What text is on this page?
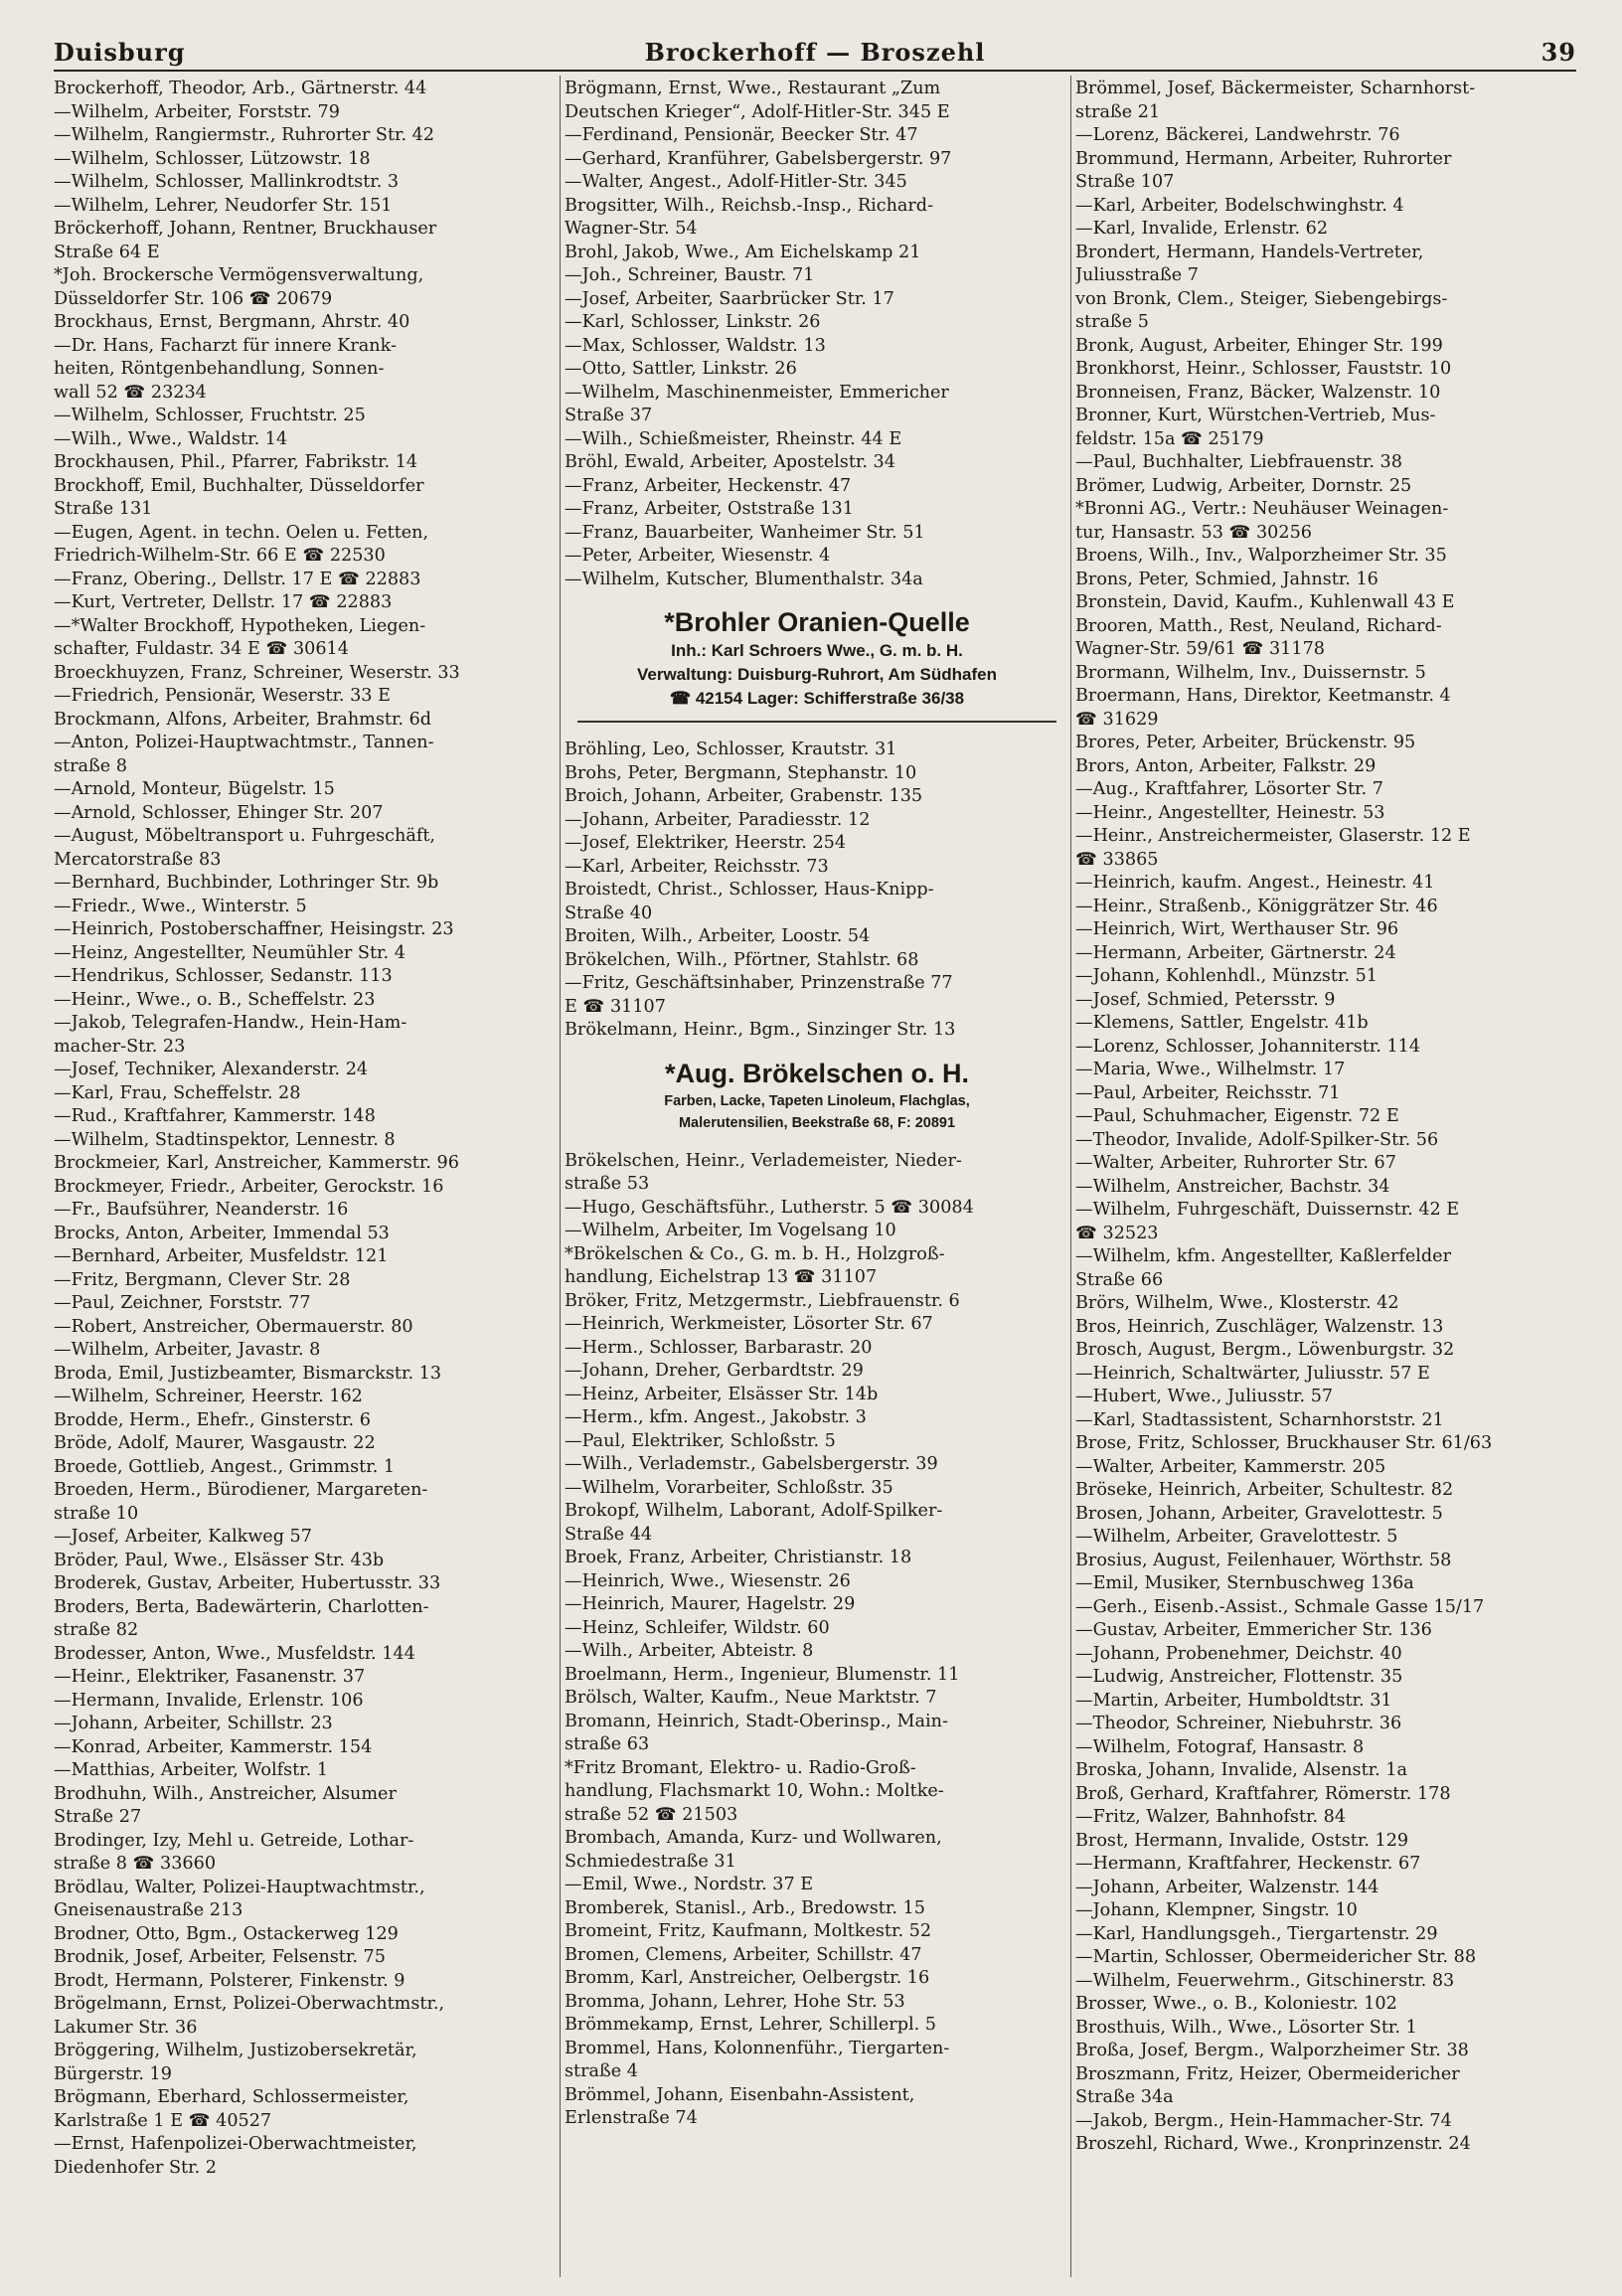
Duisburg	Brockerhoff — Broszehl	39
Brockerhoff, Theodor, Arb., Gärtnerstr. 44
—Wilhelm, Arbeiter, Forststr. 79
—Wilhelm, Rangiermstr., Ruhrorter Str. 42
—Wilhelm, Schlosser, Lützowstr. 18
—Wilhelm, Schlosser, Mallinkrodtstr. 3
—Wilhelm, Lehrer, Neudorfer Str. 151
Bröckerhoff, Johann, Rentner, Bruckhauser
Straße 64 E
*Joh. Brockersche Vermögensverwaltung,
Düsseldorfer Str. 106 ☎ 20679
Brockhaus, Ernst, Bergmann, Ahrstr. 40
—Dr. Hans, Facharzt für innere Krank-
heiten, Röntgenbehandlung, Sonnen-
wall 52 ☎ 23234
—Wilhelm, Schlosser, Fruchtstr. 25
—Wilh., Wwe., Waldstr. 14
Brockhausen, Phil., Pfarrer, Fabrikstr. 14
Brockhoff, Emil, Buchhalter, Düsseldorfer
Straße 131
—Eugen, Agent. in techn. Oelen u. Fetten,
Friedrich-Wilhelm-Str. 66 E ☎ 22530
—Franz, Obering., Dellstr. 17 E ☎ 22883
—Kurt, Vertreter, Dellstr. 17 ☎ 22883
—*Walter Brockhoff, Hypotheken, Liegen-
schafter, Fuldastr. 34 E ☎ 30614
Broeckhuyzen, Franz, Schreiner, Weserstr. 33
—Friedrich, Pensionär, Weserstr. 33 E
Brockmann, Alfons, Arbeiter, Brahmstr. 6d
—Anton, Polizei-Hauptwachtmstr., Tannen-
straße 8
—Arnold, Monteur, Bügelstr. 15
—Arnold, Schlosser, Ehinger Str. 207
—August, Möbeltransport u. Fuhrgeschäft,
Mercatorstraße 83
—Bernhard, Buchbinder, Lothringer Str. 9b
—Friedr., Wwe., Winterstr. 5
—Heinrich, Postoberschaffner, Heisingstr. 23
—Heinz, Angestellter, Neumühler Str. 4
—Hendrikus, Schlosser, Sedanstr. 113
—Heinr., Wwe., o. B., Scheffelstr. 23
—Jakob, Telegrafen-Handw., Hein-Ham-
macher-Str. 23
—Josef, Techniker, Alexanderstr. 24
—Karl, Frau, Scheffelstr. 28
—Rud., Kraftfahrer, Kammerstr. 148
—Wilhelm, Stadtinspektor, Lennestr. 8
Brockmeier, Karl, Anstreicher, Kammerstr. 96
Brockmeyer, Friedr., Arbeiter, Gerockstr. 16
—Fr., Baufsührer, Neanderstr. 16
Brocks, Anton, Arbeiter, Immendal 53
—Bernhard, Arbeiter, Musfeldstr. 121
—Fritz, Bergmann, Clever Str. 28
—Paul, Zeichner, Forststr. 77
—Robert, Anstreicher, Obermauerstr. 80
—Wilhelm, Arbeiter, Javastr. 8
Broda, Emil, Justizbeamter, Bismarckstr. 13
—Wilhelm, Schreiner, Heerstr. 162
Brodde, Herm., Ehefr., Ginsterstr. 6
Bröde, Adolf, Maurer, Wasgaustr. 22
Broede, Gottlieb, Angest., Grimmstr. 1
Broeden, Herm., Bürodiener, Margareten-
straße 10
—Josef, Arbeiter, Kalkweg 57
Bröder, Paul, Wwe., Elsässer Str. 43b
Broderek, Gustav, Arbeiter, Hubertusstr. 33
Broders, Berta, Badewärterin, Charlotten-
straße 82
Brodesser, Anton, Wwe., Musfeldstr. 144
—Heinr., Elektriker, Fasanenstr. 37
—Hermann, Invalide, Erlenstr. 106
—Johann, Arbeiter, Schillstr. 23
—Konrad, Arbeiter, Kammerstr. 154
—Matthias, Arbeiter, Wolfstr. 1
Brodhuhn, Wilh., Anstreicher, Alsumer
Straße 27
Brodinger, Izy, Mehl u. Getreide, Lothar-
straße 8 ☎ 33660
Brödlau, Walter, Polizei-Hauptwachtmstr.,
Gneisenaustraße 213
Brodner, Otto, Bgm., Ostackerweg 129
Brodnik, Josef, Arbeiter, Felsenstr. 75
Brodt, Hermann, Polsterer, Finkenstr. 9
Brögelmann, Ernst, Polizei-Oberwachtmstr.,
Lakumer Str. 36
Bröggering, Wilhelm, Justizobersekretär,
Bürgerstr. 19
Brögmann, Eberhard, Schlossermeister,
Karlstraße 1 E ☎ 40527
—Ernst, Hafenpolizei-Oberwachtmeister,
Diedenhofer Str. 2
Brögmann, Ernst, Wwe., Restaurant „Zum
Deutschen Krieger“, Adolf-Hitler-Str. 345 E
—Ferdinand, Pensionär, Beecker Str. 47
—Gerhard, Kranführer, Gabelsbergerstr. 97
—Walter, Angest., Adolf-Hitler-Str. 345
Brogsitter, Wilh., Reichsb.-Insp., Richard-
Wagner-Str. 54
Brohl, Jakob, Wwe., Am Eichelskamp 21
—Joh., Schreiner, Baustr. 71
—Josef, Arbeiter, Saarbrücker Str. 17
—Karl, Schlosser, Linkstr. 26
—Max, Schlosser, Waldstr. 13
—Otto, Sattler, Linkstr. 26
—Wilhelm, Maschinenmeister, Emmericher
Straße 37
—Wilh., Schießmeister, Rheinstr. 44 E
Bröhl, Ewald, Arbeiter, Apostelstr. 34
—Franz, Arbeiter, Heckenstr. 47
—Franz, Arbeiter, Oststraße 131
—Franz, Bauarbeiter, Wanheimer Str. 51
—Peter, Arbeiter, Wiesenstr. 4
—Wilhelm, Kutscher, Blumenthalstr. 34a
*Brohler Oranien-Quelle
Inh.: Karl Schroers Wwe., G. m. b. H.
Verwaltung: Duisburg-Ruhrort, Am Südhafen
☎ 42154 Lager: Schifferstraße 36/38
Bröhling, Leo, Schlosser, Krautstr. 31
Brohs, Peter, Bergmann, Stephanstr. 10
Broich, Johann, Arbeiter, Grabenstr. 135
—Johann, Arbeiter, Paradiesstr. 12
—Josef, Elektriker, Heerstr. 254
—Karl, Arbeiter, Reichsstr. 73
Broistedt, Christ., Schlosser, Haus-Knipp-
Straße 40
Broiten, Wilh., Arbeiter, Loostr. 54
Brökelchen, Wilh., Pförtner, Stahlstr. 68
—Fritz, Geschäftsinhaber, Prinzenstraße 77
E ☎ 31107
Brökelmann, Heinr., Bgm., Sinzinger Str. 13
*Aug. Brökelschen o. H.
Farben, Lacke, Tapeten Linoleum, Flachglas,
Malerutensilien, Beekstraße 68, F: 20891
Brökelschen, Heinr., Verlademeister, Nieder-
straße 53
—Hugo, Geschäftsführ., Lutherstr. 5 ☎ 30084
—Wilhelm, Arbeiter, Im Vogelsang 10
*Brökelschen & Co., G. m. b. H., Holzgroß-
handlung, Eichelstrap 13 ☎ 31107
Bröker, Fritz, Metzgermstr., Liebfrauenstr. 6
—Heinrich, Werkmeister, Lösorter Str. 67
—Herm., Schlosser, Barbarastr. 20
—Johann, Dreher, Gerbardtstr. 29
—Heinz, Arbeiter, Elsässer Str. 14b
—Herm., kfm. Angest., Jakobstr. 3
—Paul, Elektriker, Schloßstr. 5
—Wilh., Verlademstr., Gabelsbergerstr. 39
—Wilhelm, Vorarbeiter, Schloßstr. 35
Brokopf, Wilhelm, Laborant, Adolf-Spilker-
Straße 44
Broek, Franz, Arbeiter, Christianstr. 18
—Heinrich, Wwe., Wiesenstr. 26
—Heinrich, Maurer, Hagelstr. 29
—Heinz, Schleifer, Wildstr. 60
—Wilh., Arbeiter, Abteistr. 8
Broelmann, Herm., Ingenieur, Blumenstr. 11
Brölsch, Walter, Kaufm., Neue Marktstr. 7
Bromann, Heinrich, Stadt-Oberinsp., Main-
straße 63
*Fritz Bromant, Elektro- u. Radio-Groß-
handlung, Flachsmarkt 10, Wohn.: Moltke-
straße 52 ☎ 21503
Brombach, Amanda, Kurz- und Wollwaren,
Schmiedestraße 31
—Emil, Wwe., Nordstr. 37 E
Bromberek, Stanisl., Arb., Bredowstr. 15
Bromeint, Fritz, Kaufmann, Moltkestr. 52
Bromen, Clemens, Arbeiter, Schillstr. 47
Bromm, Karl, Anstreicher, Oelbergstr. 16
Bromma, Johann, Lehrer, Hohe Str. 53
Brömmekamp, Ernst, Lehrer, Schillerpl. 5
Brommel, Hans, Kolonnenführ., Tiergarten-
straße 4
Brömmel, Johann, Eisenbahn-Assistent,
Erlenstraße 74
Brömmel, Josef, Bäckermeister, Scharnhorst-
straße 21
—Lorenz, Bäckerei, Landwehrstr. 76
Brommund, Hermann, Arbeiter, Ruhrorter
Straße 107
—Karl, Arbeiter, Bodelschwinghstr. 4
—Karl, Invalide, Erlenstr. 62
Brondert, Hermann, Handels-Vertreter,
Juliusstraße 7
von Bronk, Clem., Steiger, Siebengebirgs-
straße 5
Bronk, August, Arbeiter, Ehinger Str. 199
Bronkhorst, Heinr., Schlosser, Fauststr. 10
Bronneisen, Franz, Bäcker, Walzenstr. 10
Bronner, Kurt, Würstchen-Vertrieb, Mus-
feldstr. 15a ☎ 25179
—Paul, Buchhalter, Liebfrauenstr. 38
Brömer, Ludwig, Arbeiter, Dornstr. 25
*Bronni AG., Vertr.: Neuhäuser Weinagen-
tur, Hansastr. 53 ☎ 30256
Broens, Wilh., Inv., Walporzheimer Str. 35
Brons, Peter, Schmied, Jahnstr. 16
Bronstein, David, Kaufm., Kuhlenwall 43 E
Brooren, Matth., Rest, Neuland, Richard-
Wagner-Str. 59/61 ☎ 31178
Brormann, Wilhelm, Inv., Duissernstr. 5
Broermann, Hans, Direktor, Keetmanstr. 4
☎ 31629
Brores, Peter, Arbeiter, Brückenstr. 95
Brors, Anton, Arbeiter, Falkstr. 29
—Aug., Kraftfahrer, Lösorter Str. 7
—Heinr., Angestellter, Heinestr. 53
—Heinr., Anstreichermeister, Glaserstr. 12 E
☎ 33865
—Heinrich, kaufm. Angest., Heinestr. 41
—Heinr., Straßenb., Königgrätzer Str. 46
—Heinrich, Wirt, Werthauser Str. 96
—Hermann, Arbeiter, Gärtnerstr. 24
—Johann, Kohlenhdl., Münzstr. 51
—Josef, Schmied, Petersstr. 9
—Klemens, Sattler, Engelstr. 41b
—Lorenz, Schlosser, Johanniterstr. 114
—Maria, Wwe., Wilhelmstr. 17
—Paul, Arbeiter, Reichsstr. 71
—Paul, Schuhmacher, Eigenstr. 72 E
—Theodor, Invalide, Adolf-Spilker-Str. 56
—Walter, Arbeiter, Ruhrorter Str. 67
—Wilhelm, Anstreicher, Bachstr. 34
—Wilhelm, Fuhrgeschäft, Duissernstr. 42 E
☎ 32523
—Wilhelm, kfm. Angestellter, Kaßlerfelder
Straße 66
Brörs, Wilhelm, Wwe., Klosterstr. 42
Bros, Heinrich, Zuschläger, Walzenstr. 13
Brosch, August, Bergm., Löwenburgstr. 32
—Heinrich, Schaltwärter, Juliusstr. 57 E
—Hubert, Wwe., Juliusstr. 57
—Karl, Stadtassistent, Scharnhorststr. 21
Brose, Fritz, Schlosser, Bruckhauser Str. 61/63
—Walter, Arbeiter, Kammerstr. 205
Bröseke, Heinrich, Arbeiter, Schultestr. 82
Brosen, Johann, Arbeiter, Gravelottestr. 5
—Wilhelm, Arbeiter, Gravelottestr. 5
Brosius, August, Feilenhauer, Wörthstr. 58
—Emil, Musiker, Sternbuschweg 136a
—Gerh., Eisenb.-Assist., Schmale Gasse 15/17
—Gustav, Arbeiter, Emmericher Str. 136
—Johann, Probenehmer, Deichstr. 40
—Ludwig, Anstreicher, Flottenstr. 35
—Martin, Arbeiter, Humboldtstr. 31
—Theodor, Schreiner, Niebuhrstr. 36
—Wilhelm, Fotograf, Hansastr. 8
Broska, Johann, Invalide, Alsenstr. 1a
Broß, Gerhard, Kraftfahrer, Römerstr. 178
—Fritz, Walzer, Bahnhofstr. 84
Brost, Hermann, Invalide, Oststr. 129
—Hermann, Kraftfahrer, Heckenstr. 67
—Johann, Arbeiter, Walzenstr. 144
—Johann, Klempner, Singstr. 10
—Karl, Handlungsgeh., Tiergartenstr. 29
—Martin, Schlosser, Obermeiderichеr Str. 88
—Wilhelm, Feuerwehrm., Gitschinerstr. 83
Brosser, Wwe., o. B., Koloniestr. 102
Brosthuis, Wilh., Wwe., Lösorter Str. 1
Broßa, Josef, Bergm., Walporzheimer Str. 38
Broszmann, Fritz, Heizer, Obermeidericher
Straße 34a
—Jakob, Bergm., Hein-Hammacher-Str. 74
Broszehl, Richard, Wwe., Kronprinzenstr. 24
